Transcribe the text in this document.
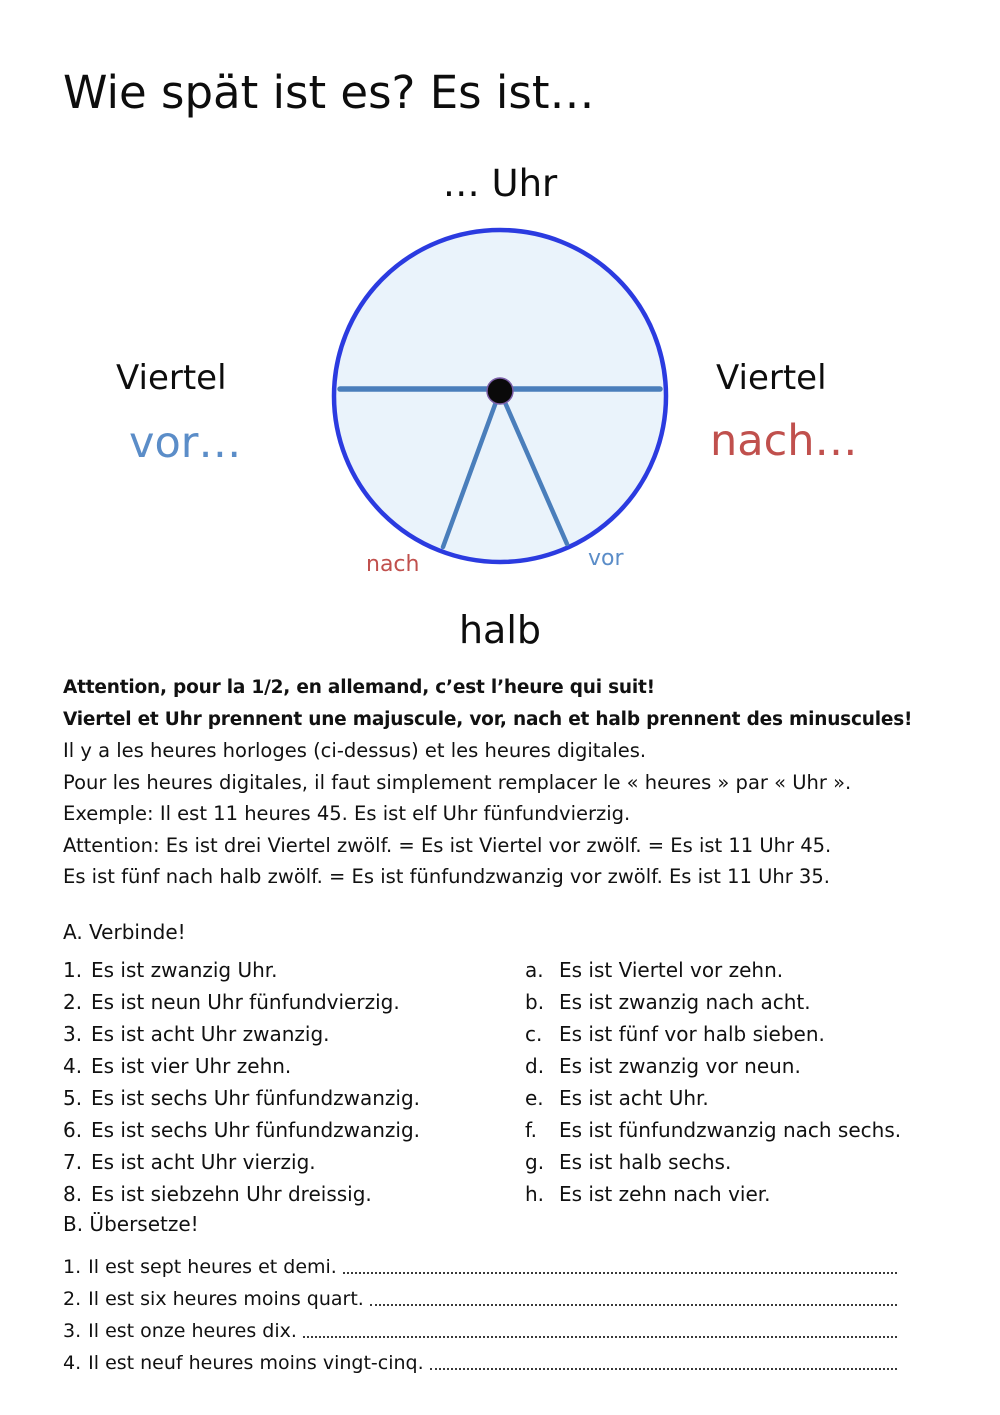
Wie spät ist es? Es ist…
… Uhr
Viertel
vor…
Viertel
nach…
nach	vor
halb

Attention, pour la 1/2, en allemand, c’est l’heure qui suit!

Viertel et Uhr prennent une majuscule, vor, nach et halb prennent des minuscules!

Il y a les heures horloges (ci-dessus) et les heures digitales.

Pour les heures digitales, il faut simplement remplacer le « heures » par « Uhr ».

Exemple: Il est 11 heures 45. Es ist elf Uhr fünfundvierzig.

Attention: Es ist drei Viertel zwölf. = Es ist Viertel vor zwölf. = Es ist 11 Uhr 45.

Es ist fünf nach halb zwölf. = Es ist fünfundzwanzig vor zwölf. Es ist 11 Uhr 35.

A. Verbinde!

1. Es ist zwanzig Uhr.	a. Es ist Viertel vor zehn.
2. Es ist neun Uhr fünfundvierzig.	b. Es ist zwanzig nach acht.
3. Es ist acht Uhr zwanzig.	c. Es ist fünf vor halb sieben.
4. Es ist vier Uhr zehn.	d. Es ist zwanzig vor neun.
5. Es ist sechs Uhr fünfundzwanzig.	e. Es ist acht Uhr.
6. Es ist sechs Uhr fünfundzwanzig.	f.	Es ist fünfundzwanzig nach sechs.
7. Es ist acht Uhr vierzig.	g. Es ist halb sechs.
8. Es ist siebzehn Uhr dreissig.	h. Es ist zehn nach vier.

B. Übersetze!

1. Il est sept heures et demi.
2. Il est six heures moins quart.
3. Il est onze heures dix.
4. Il est neuf heures moins vingt-cinq.
